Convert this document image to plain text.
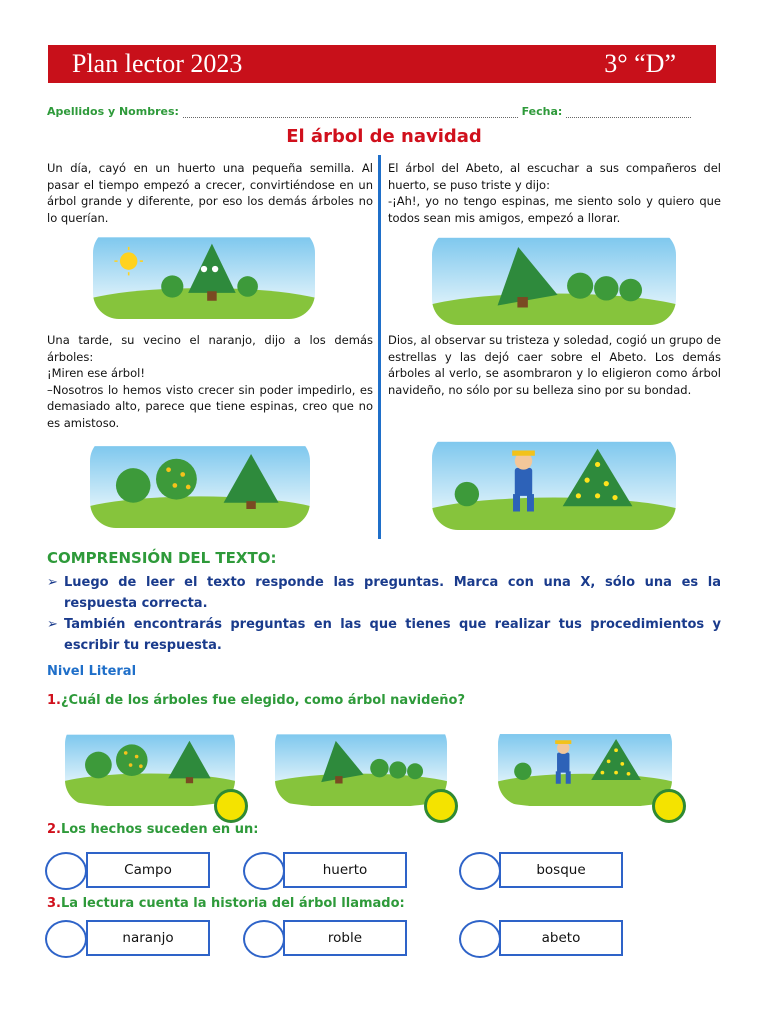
Plan lector 2023	3° “D”
Apellidos y Nombres:	Fecha:
El árbol de navidad

Un día, cayó en un huerto una pequeña semilla. Al pasar el tiempo empezó a crecer, convirtiéndose en un árbol grande y diferente, por eso los demás árboles no lo querían.

Una tarde, su vecino el naranjo, dijo a los demás árboles:

¡Miren ese árbol!

–Nosotros lo hemos visto crecer sin poder impedirlo, es demasiado alto, parece que tiene espinas, creo que no es amistoso.

El árbol del Abeto, al escuchar a sus compañeros del huerto, se puso triste y dijo:

-¡Ah!, yo no tengo espinas, me siento solo y quiero que todos sean mis amigos, empezó a llorar.

Dios, al observar su tristeza y soledad, cogió un grupo de estrellas y las dejó caer sobre el Abeto. Los demás árboles al verlo, se asombraron y lo eligieron como árbol navideño, no sólo por su belleza sino por su bondad.

COMPRENSIÓN DEL TEXTO:
➢ Luego de leer el texto responde las preguntas. Marca con una X, sólo una es la respuesta correcta.
➢ También encontrarás preguntas en las que tienes que realizar tus procedimientos y escribir tu respuesta.
Nivel Literal
1.¿Cuál de los árboles fue elegido, como árbol navideño?
2.Los hechos suceden en un:
Campo	huerto	bosque
3.La lectura cuenta la historia del árbol llamado:
naranjo	roble	abeto
